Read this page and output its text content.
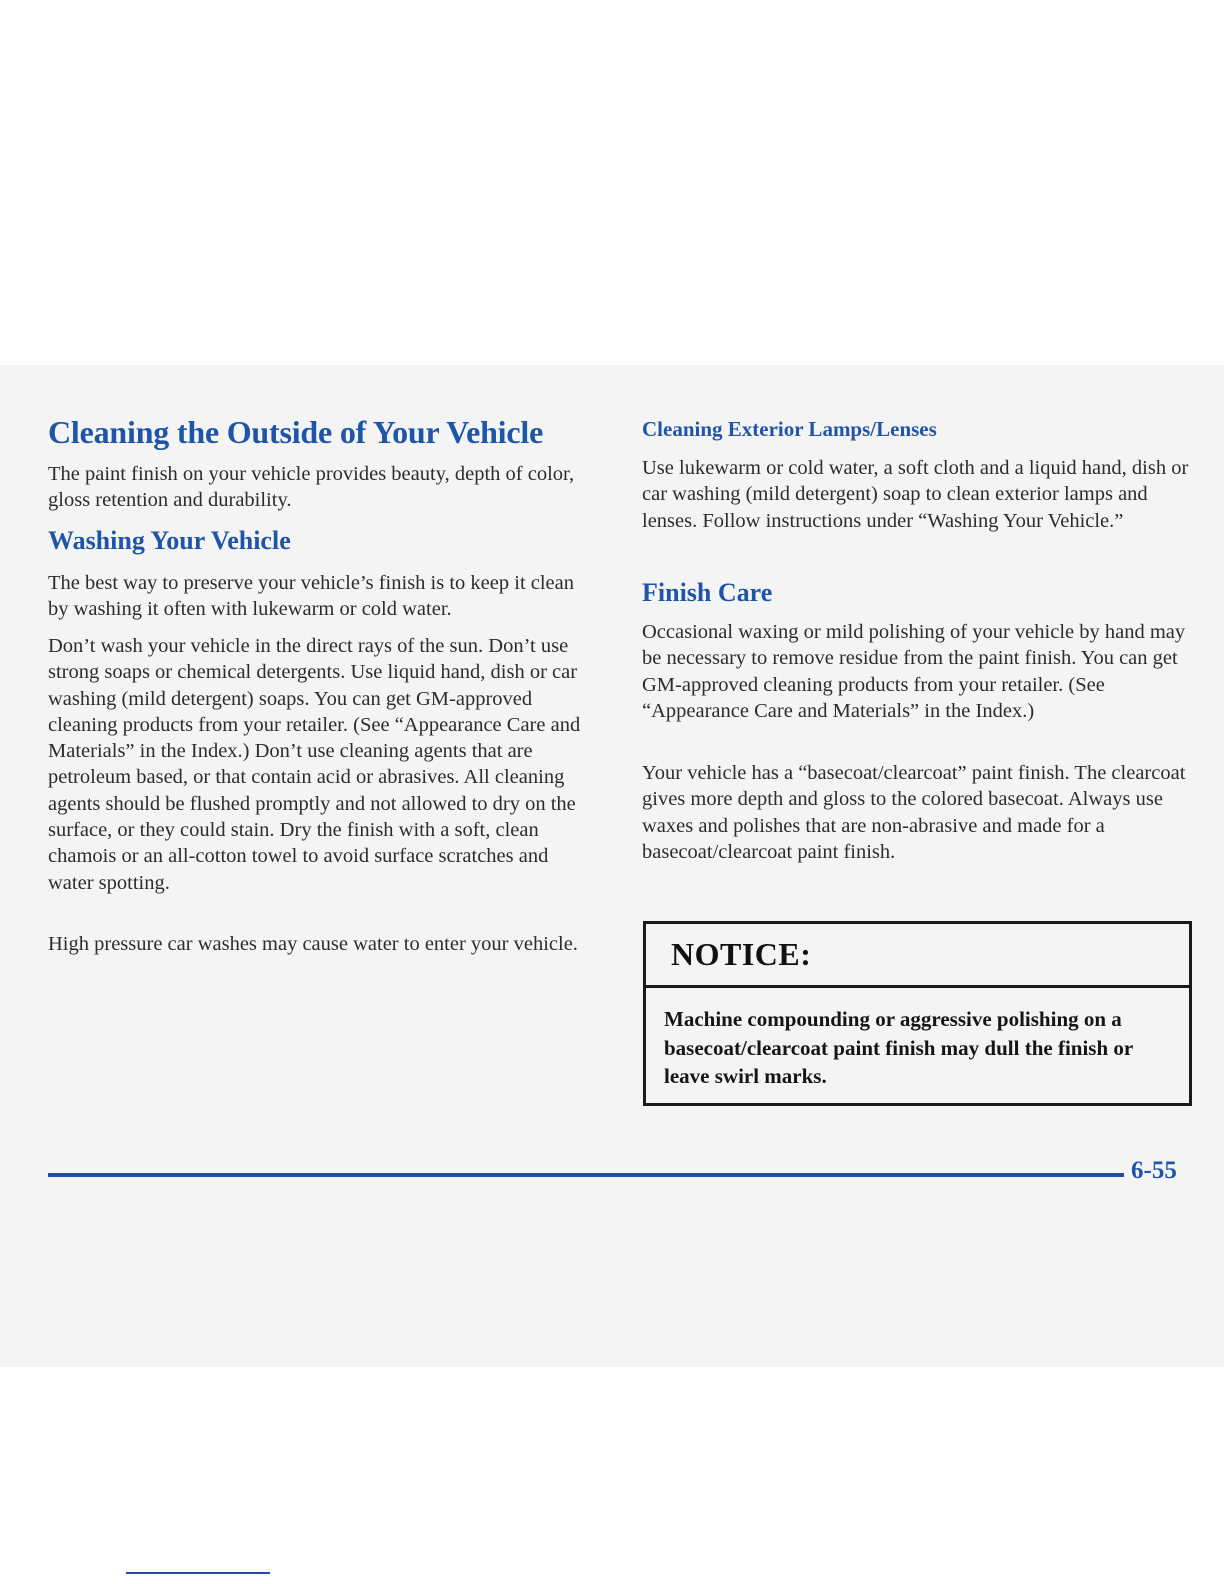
Cleaning the Outside of Your Vehicle

The paint finish on your vehicle provides beauty, depth of color, gloss retention and durability.

Washing Your Vehicle

The best way to preserve your vehicle’s finish is to keep it clean by washing it often with lukewarm or cold water.

Don’t wash your vehicle in the direct rays of the sun. Don’t use strong soaps or chemical detergents. Use liquid hand, dish or car washing (mild detergent) soaps. You can get GM-approved cleaning products from your retailer. (See “Appearance Care and Materials” in the Index.) Don’t use cleaning agents that are petroleum based, or that contain acid or abrasives. All cleaning agents should be flushed promptly and not allowed to dry on the surface, or they could stain. Dry the finish with a soft, clean chamois or an all-cotton towel to avoid surface scratches and water spotting.

High pressure car washes may cause water to enter your vehicle.

Cleaning Exterior Lamps/Lenses

Use lukewarm or cold water, a soft cloth and a liquid hand, dish or car washing (mild detergent) soap to clean exterior lamps and lenses. Follow instructions under “Washing Your Vehicle.”

Finish Care

Occasional waxing or mild polishing of your vehicle by hand may be necessary to remove residue from the paint finish. You can get GM-approved cleaning products from your retailer. (See “Appearance Care and Materials” in the Index.)

Your vehicle has a “basecoat/clearcoat” paint finish. The clearcoat gives more depth and gloss to the colored basecoat. Always use waxes and polishes that are non-abrasive and made for a basecoat/clearcoat paint finish.

NOTICE:
Machine compounding or aggressive polishing on a basecoat/clearcoat paint finish may dull the finish or leave swirl marks.
6-55
